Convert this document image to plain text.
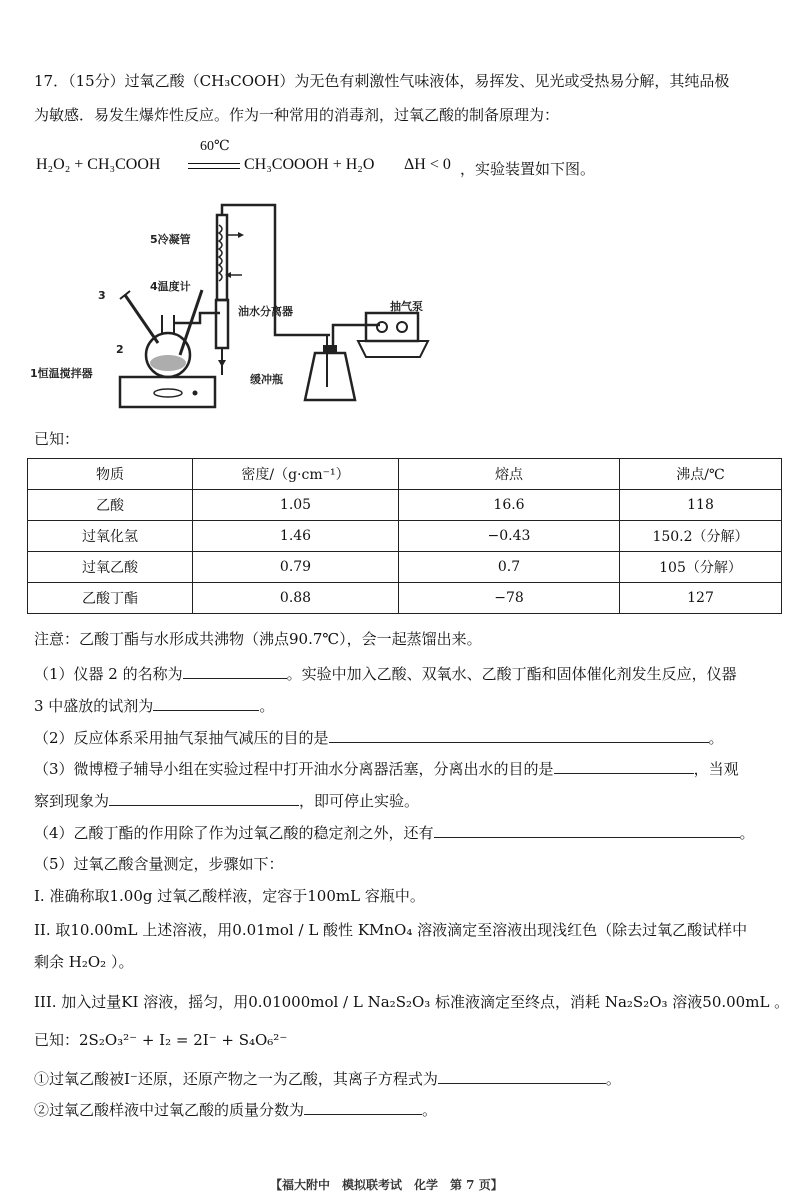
17．（15分）过氧乙酸（CH₃COOH）为无色有刺激性气味液体，易挥发、见光或受热易分解，其纯品极
为敏感．易发生爆炸性反应。作为一种常用的消毒剂，过氧乙酸的制备原理为：
H₂O₂ + CH₃COOH
60℃
CH₃COOOH + H₂O ΔH < 0 ，实验装置如下图。
5冷凝管
4温度计
3
2
1恒温搅拌器
油水分离器	抽气泵
缓冲瓶
已知：
物质	密度/（g·cm⁻¹）	熔点	沸点/℃
乙酸	1.05	16.6	118
过氧化氢	1.46	−0.43	150.2（分解）
过氧乙酸	0.79	0.7	105（分解）
乙酸丁酯	0.88	−78	127
注意：乙酸丁酯与水形成共沸物（沸点90.7℃），会一起蒸馏出来。
（1）仪器 2 的名称为	。实验中加入乙酸、双氧水、乙酸丁酯和固体催化剂发生反应，仪器
3 中盛放的试剂为	。
（2）反应体系采用抽气泵抽气减压的目的是	。
（3）微博橙子辅导小组在实验过程中打开油水分离器活塞，分离出水的目的是	，当观
察到现象为	，即可停止实验。
（4）乙酸丁酯的作用除了作为过氧乙酸的稳定剂之外，还有	。
（5）过氧乙酸含量测定，步骤如下：
I. 准确称取1.00g 过氧乙酸样液，定容于100mL 容瓶中。
II. 取10.00mL 上述溶液，用0.01mol / L 酸性 KMnO₄ 溶液滴定至溶液出现浅红色（除去过氧乙酸试样中
剩余 H₂O₂ ）。
III. 加入过量KI 溶液，摇匀，用0.01000mol / L Na₂S₂O₃ 标准液滴定至终点，消耗 Na₂S₂O₃ 溶液50.00mL 。
已知：2S₂O₃²⁻ + I₂ = 2I⁻ + S₄O₆²⁻
①过氧乙酸被I⁻还原，还原产物之一为乙酸，其离子方程式为	。
②过氧乙酸样液中过氧乙酸的质量分数为	。
【福大附中　模拟联考试　化学　第 7 页】
